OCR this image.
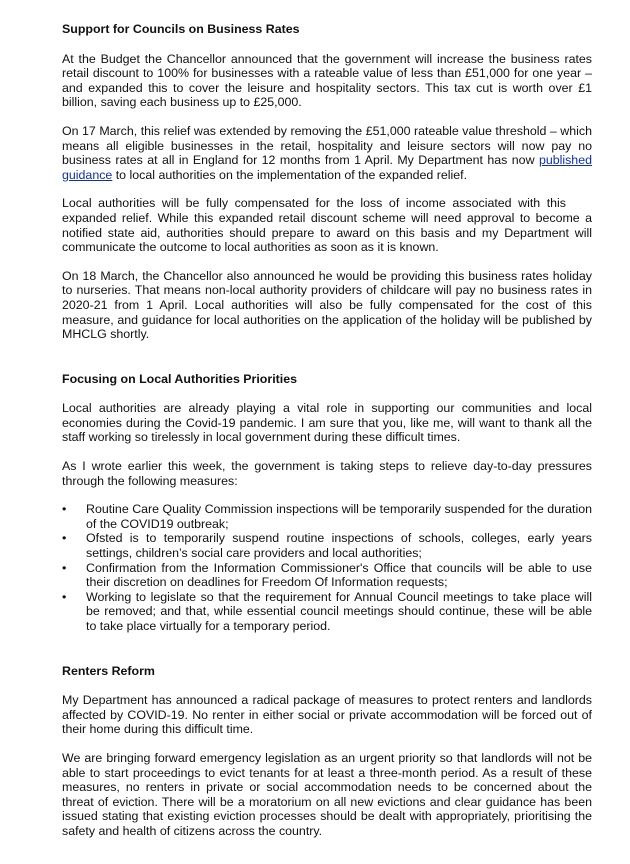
Support for Councils on Business Rates

At the Budget the Chancellor announced that the government will increase the business rates retail discount to 100% for businesses with a rateable value of less than £51,000 for one year – and expanded this to cover the leisure and hospitality sectors. This tax cut is worth over £1 billion, saving each business up to £25,000.

On 17 March, this relief was extended by removing the £51,000 rateable value threshold – which means all eligible businesses in the retail, hospitality and leisure sectors will now pay no business rates at all in England for 12 months from 1 April. My Department has now published guidance to local authorities on the implementation of the expanded relief.

Local authorities will be fully compensated for the loss of income associated with thisexpanded relief. While this expanded retail discount scheme will need approval to become a notified state aid, authorities should prepare to award on this basis and my Department will communicate the outcome to local authorities as soon as it is known.

On 18 March, the Chancellor also announced he would be providing this business rates holiday to nurseries. That means non-local authority providers of childcare will pay no business rates in 2020-21 from 1 April. Local authorities will also be fully compensated for the cost of this measure, and guidance for local authorities on the application of the holiday will be published by MHCLG shortly.

Focusing on Local Authorities Priorities

Local authorities are already playing a vital role in supporting our communities and local economies during the Covid-19 pandemic. I am sure that you, like me, will want to thank all the staff working so tirelessly in local government during these difficult times.

As I wrote earlier this week, the government is taking steps to relieve day-to-day pressures through the following measures:

• Routine Care Quality Commission inspections will be temporarily suspended for the duration of the COVID19 outbreak;
• Ofsted is to temporarily suspend routine inspections of schools, colleges, early years settings, children’s social care providers and local authorities;
• Confirmation from the Information Commissioner's Office that councils will be able to use their discretion on deadlines for Freedom Of Information requests;
• Working to legislate so that the requirement for Annual Council meetings to take place will be removed; and that, while essential council meetings should continue, these will be able to take place virtually for a temporary period.
Renters Reform

My Department has announced a radical package of measures to protect renters and landlords affected by COVID-19. No renter in either social or private accommodation will be forced out of their home during this difficult time.

We are bringing forward emergency legislation as an urgent priority so that landlords will not be able to start proceedings to evict tenants for at least a three-month period. As a result of these measures, no renters in private or social accommodation needs to be concerned about the threat of eviction. There will be a moratorium on all new evictions and clear guidance has been issued stating that existing eviction processes should be dealt with appropriately, prioritising the safety and health of citizens across the country.
